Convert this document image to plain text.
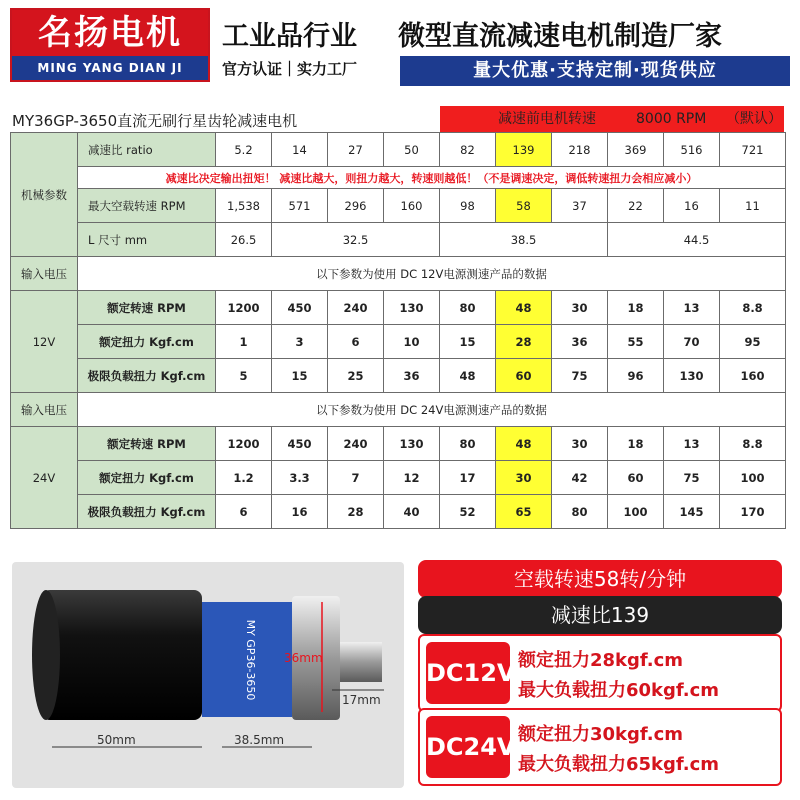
名扬电机
MING YANG DIAN JI
工业品行业
官方认证｜实力工厂
微型直流减速电机制造厂家
量大优惠·支持定制·现货供应
MY36GP-3650直流无刷行星齿轮减速电机	减速前电机转速	8000 RPM （默认）
机械参数	减速比 ratio	5.2	14	27	50	82	139	218	369	516	721
	减速比决定输出扭矩！ 减速比越大，则扭力越大，转速则越低！（不是调速决定，调低转速扭力会相应减小）										
	最大空载转速 RPM	1,538	571	296	160	98	58	37	22	16	11
	L 尺寸 mm	26.5	32.5			38.5			44.5		
输入电压	以下参数为使用 DC 12V电源测速产品的数据										
12V	额定转速 RPM	1200	450	240	130	80	48	30	18	13	8.8
	额定扭力 Kgf.cm	1	3	6	10	15	28	36	55	70	95
	极限负载扭力 Kgf.cm	5	15	25	36	48	60	75	96	130	160
输入电压	以下参数为使用 DC 24V电源测速产品的数据										
24V	额定转速 RPM	1200	450	240	130	80	48	30	18	13	8.8
	额定扭力 Kgf.cm	1.2	3.3	7	12	17	30	42	60	75	100
	极限负载扭力 Kgf.cm	6	16	28	40	52	65	80	100	145	170
MY GP36-3650
50mm	38.5mm
17mm
36mm
空载转速58转/分钟
减速比139
DC12V 额定扭力28kgf.cm
最大负载扭力60kgf.cm
DC24V 额定扭力30kgf.cm
最大负载扭力65kgf.cm
